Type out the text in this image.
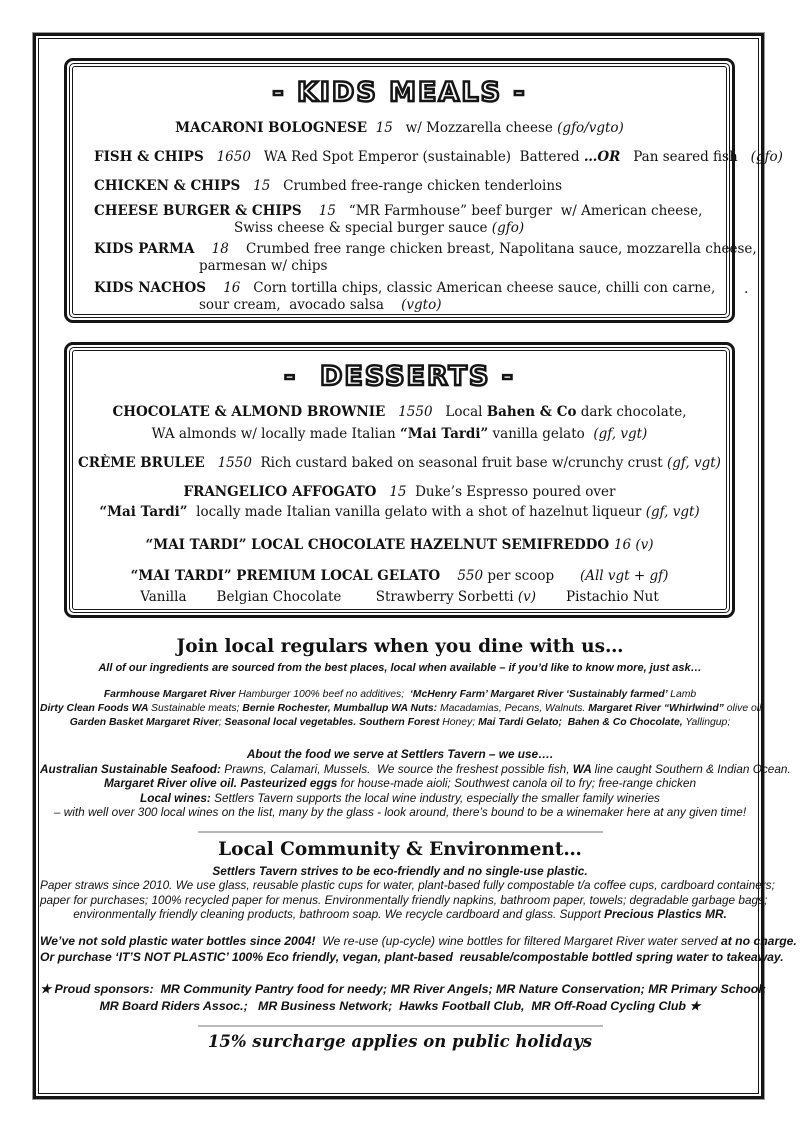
- KIDS MEALS -
MACARONI BOLOGNESE 15   w/ Mozzarella cheese (gfo/vgto)
FISH & CHIPS 1650   WA Red Spot Emperor (sustainable)  Battered …OR   Pan seared fish   (gfo)
CHICKEN & CHIPS 15   Crumbed free-range chicken tenderloins
CHEESE BURGER & CHIPS 15   “MR Farmhouse” beef burger  w/ American cheese,
Swiss cheese & special burger sauce (gfo)
KIDS PARMA 18    Crumbed free range chicken breast, Napolitana sauce, mozzarella cheese,
parmesan w/ chips
KIDS NACHOS 16   Corn tortilla chips, classic American cheese sauce, chilli con carne,
sour cream,  avocado salsa    (vgto)
.
-  DESSERTS -
CHOCOLATE & ALMOND BROWNIE 1550   Local Bahen & Co dark chocolate,
WA almonds w/ locally made Italian “Mai Tardi” vanilla gelato  (gf, vgt)
CRÈME BRULEE 1550  Rich custard baked on seasonal fruit base w/crunchy crust (gf, vgt)
FRANGELICO AFFOGATO 15  Duke’s Espresso poured over
“Mai Tardi”  locally made Italian vanilla gelato with a shot of hazelnut liqueur (gf, vgt)
“MAI TARDI” LOCAL CHOCOLATE HAZELNUT SEMIFREDDO 16 (v)
“MAI TARDI” PREMIUM LOCAL GELATO 550 per scoop      (All vgt + gf)
Vanilla       Belgian Chocolate        Strawberry Sorbetti (v)       Pistachio Nut
Join local regulars when you dine with us…
All of our ingredients are sourced from the best places, local when available – if you’d like to know more, just ask…
Farmhouse Margaret River Hamburger 100% beef no additives;  ‘McHenry Farm’ Margaret River ‘Sustainably farmed’ Lamb
Dirty Clean Foods WA Sustainable meats; Bernie Rochester, Mumballup WA Nuts: Macadamias, Pecans, Walnuts. Margaret River “Whirlwind” olive oil;
Garden Basket Margaret River; Seasonal local vegetables. Southern Forest Honey; Mai Tardi Gelato;  Bahen & Co Chocolate, Yallingup;
About the food we serve at Settlers Tavern – we use….
Australian Sustainable Seafood: Prawns, Calamari, Mussels.  We source the freshest possible fish, WA line caught Southern & Indian Ocean.
Margaret River olive oil. Pasteurized eggs for house-made aioli; Southwest canola oil to fry; free-range chicken
Local wines: Settlers Tavern supports the local wine industry, especially the smaller family wineries
– with well over 300 local wines on the list, many by the glass - look around, there’s bound to be a winemaker here at any given time!
Local Community & Environment…
Settlers Tavern strives to be eco-friendly and no single-use plastic.
Paper straws since 2010. We use glass, reusable plastic cups for water, plant-based fully compostable t/a coffee cups, cardboard containers;
paper for purchases; 100% recycled paper for menus. Environmentally friendly napkins, bathroom paper, towels; degradable garbage bags;
environmentally friendly cleaning products, bathroom soap. We recycle cardboard and glass. Support Precious Plastics MR.
We’ve not sold plastic water bottles since 2004!  We re-use (up-cycle) wine bottles for filtered Margaret River water served at no charge.
Or purchase ‘IT’S NOT PLASTIC’ 100% Eco friendly, vegan, plant-based  reusable/compostable bottled spring water to takeaway.
★ Proud sponsors:  MR Community Pantry food for needy; MR River Angels; MR Nature Conservation; MR Primary School;
MR Board Riders Assoc.;   MR Business Network;  Hawks Football Club,  MR Off-Road Cycling Club ★
15% surcharge applies on public holidays
